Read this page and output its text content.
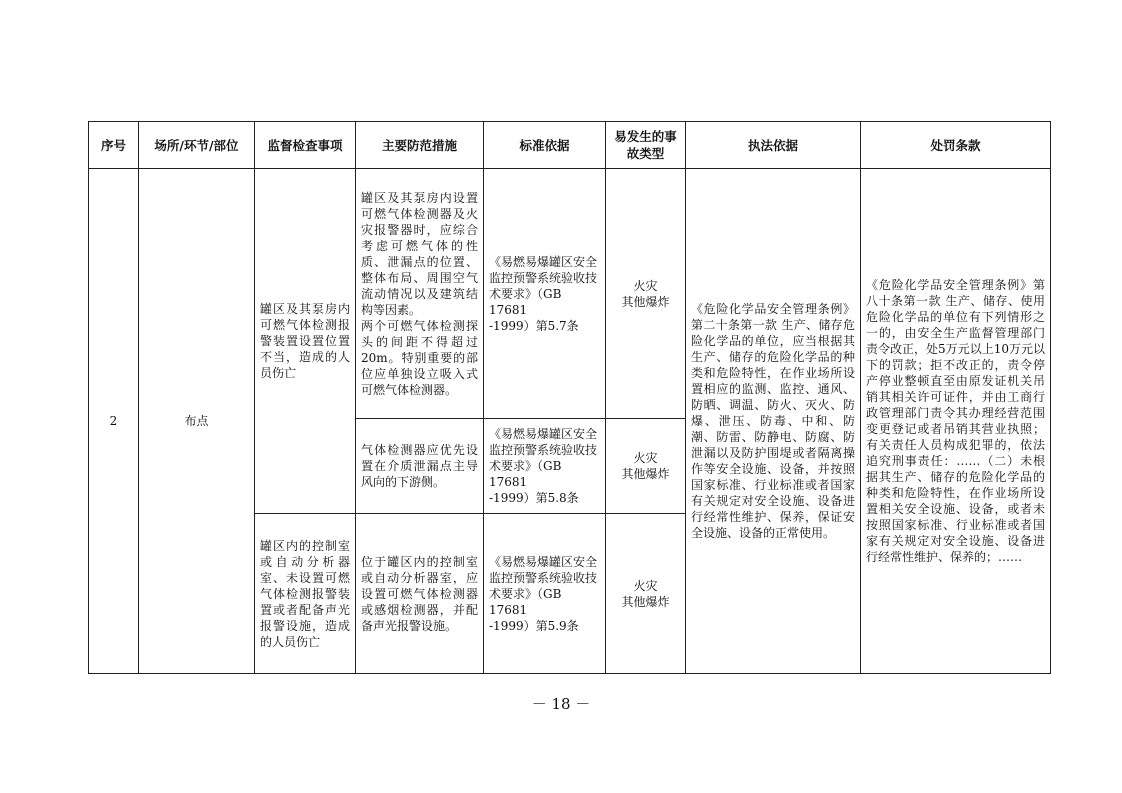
序号	场所/环节/部位	监督检查事项	主要防范措施	标准依据	易发生的事故类型	执法依据	处罚条款
2	布点	罐区及其泵房内可燃气体检测报警装置设置位置不当，造成的人员伤亡	罐区及其泵房内设置可燃气体检测器及火灾报警器时，应综合考虑可燃气体的性质、泄漏点的位置、整体布局、周围空气流动情况以及建筑结构等因素。
两个可燃气体检测探头的间距不得超过20m。特别重要的部位应单独设立吸入式可燃气体检测器。	《易燃易爆罐区安全监控预警系统验收技术要求》（GB 17681
-1999）第5.7条	火灾
其他爆炸	《危险化学品安全管理条例》第二十条第一款 生产、储存危险化学品的单位，应当根据其生产、储存的危险化学品的种类和危险特性，在作业场所设置相应的监测、监控、通风、防晒、调温、防火、灭火、防爆、泄压、防毒、中和、防潮、防雷、防静电、防腐、防泄漏以及防护围堤或者隔离操作等安全设施、设备，并按照国家标准、行业标准或者国家有关规定对安全设施、设备进行经常性维护、保养，保证安全设施、设备的正常使用。	《危险化学品安全管理条例》第八十条第一款 生产、储存、使用危险化学品的单位有下列情形之一的，由安全生产监督管理部门责令改正，处5万元以上10万元以下的罚款；拒不改正的，责令停产停业整顿直至由原发证机关吊销其相关许可证件，并由工商行政管理部门责令其办理经营范围变更登记或者吊销其营业执照；有关责任人员构成犯罪的，依法追究刑事责任：……（二）未根据其生产、储存的危险化学品的种类和危险特性，在作业场所设置相关安全设施、设备，或者未按照国家标准、行业标准或者国家有关规定对安全设施、设备进行经常性维护、保养的；……
			气体检测器应优先设置在介质泄漏点主导风向的下游侧。	《易燃易爆罐区安全监控预警系统验收技术要求》（GB 17681
-1999）第5.8条	火灾
其他爆炸		
		罐区内的控制室或自动分析器室、未设置可燃气体检测报警装置或者配备声光报警设施，造成的人员伤亡	位于罐区内的控制室或自动分析器室，应设置可燃气体检测器或感烟检测器，并配备声光报警设施。	《易燃易爆罐区安全监控预警系统验收技术要求》（GB 17681
-1999）第5.9条	火灾
其他爆炸		
－ 18 －
